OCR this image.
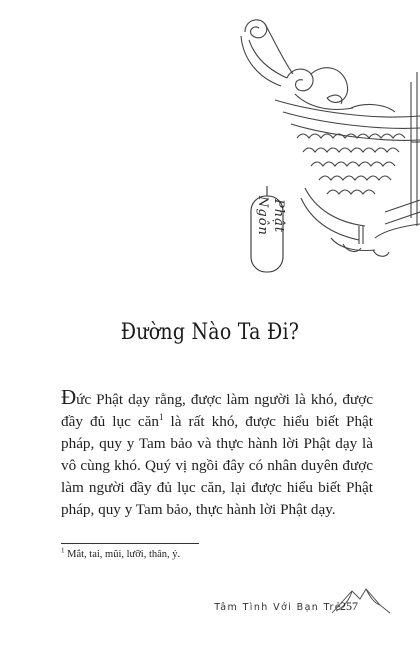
Phật
Ngôn
Đường Nào Ta Đi?

Đức Phật dạy rằng, được làm người là khó, được đầy đủ lục căn$^1$ là rất khó, được hiểu biết Phật pháp, quy y Tam bảo và thực hành lời Phật dạy là vô cùng khó. Quý vị ngồi đây có nhân duyên được làm người đầy đủ lục căn, lại được hiểu biết Phật pháp, quy y Tam bảo, thực hành lời Phật dạy.

$^1$ Mắt, tai, mũi, lưỡi, thân, ý.
Tâm Tình Với Bạn Trẻ
257
